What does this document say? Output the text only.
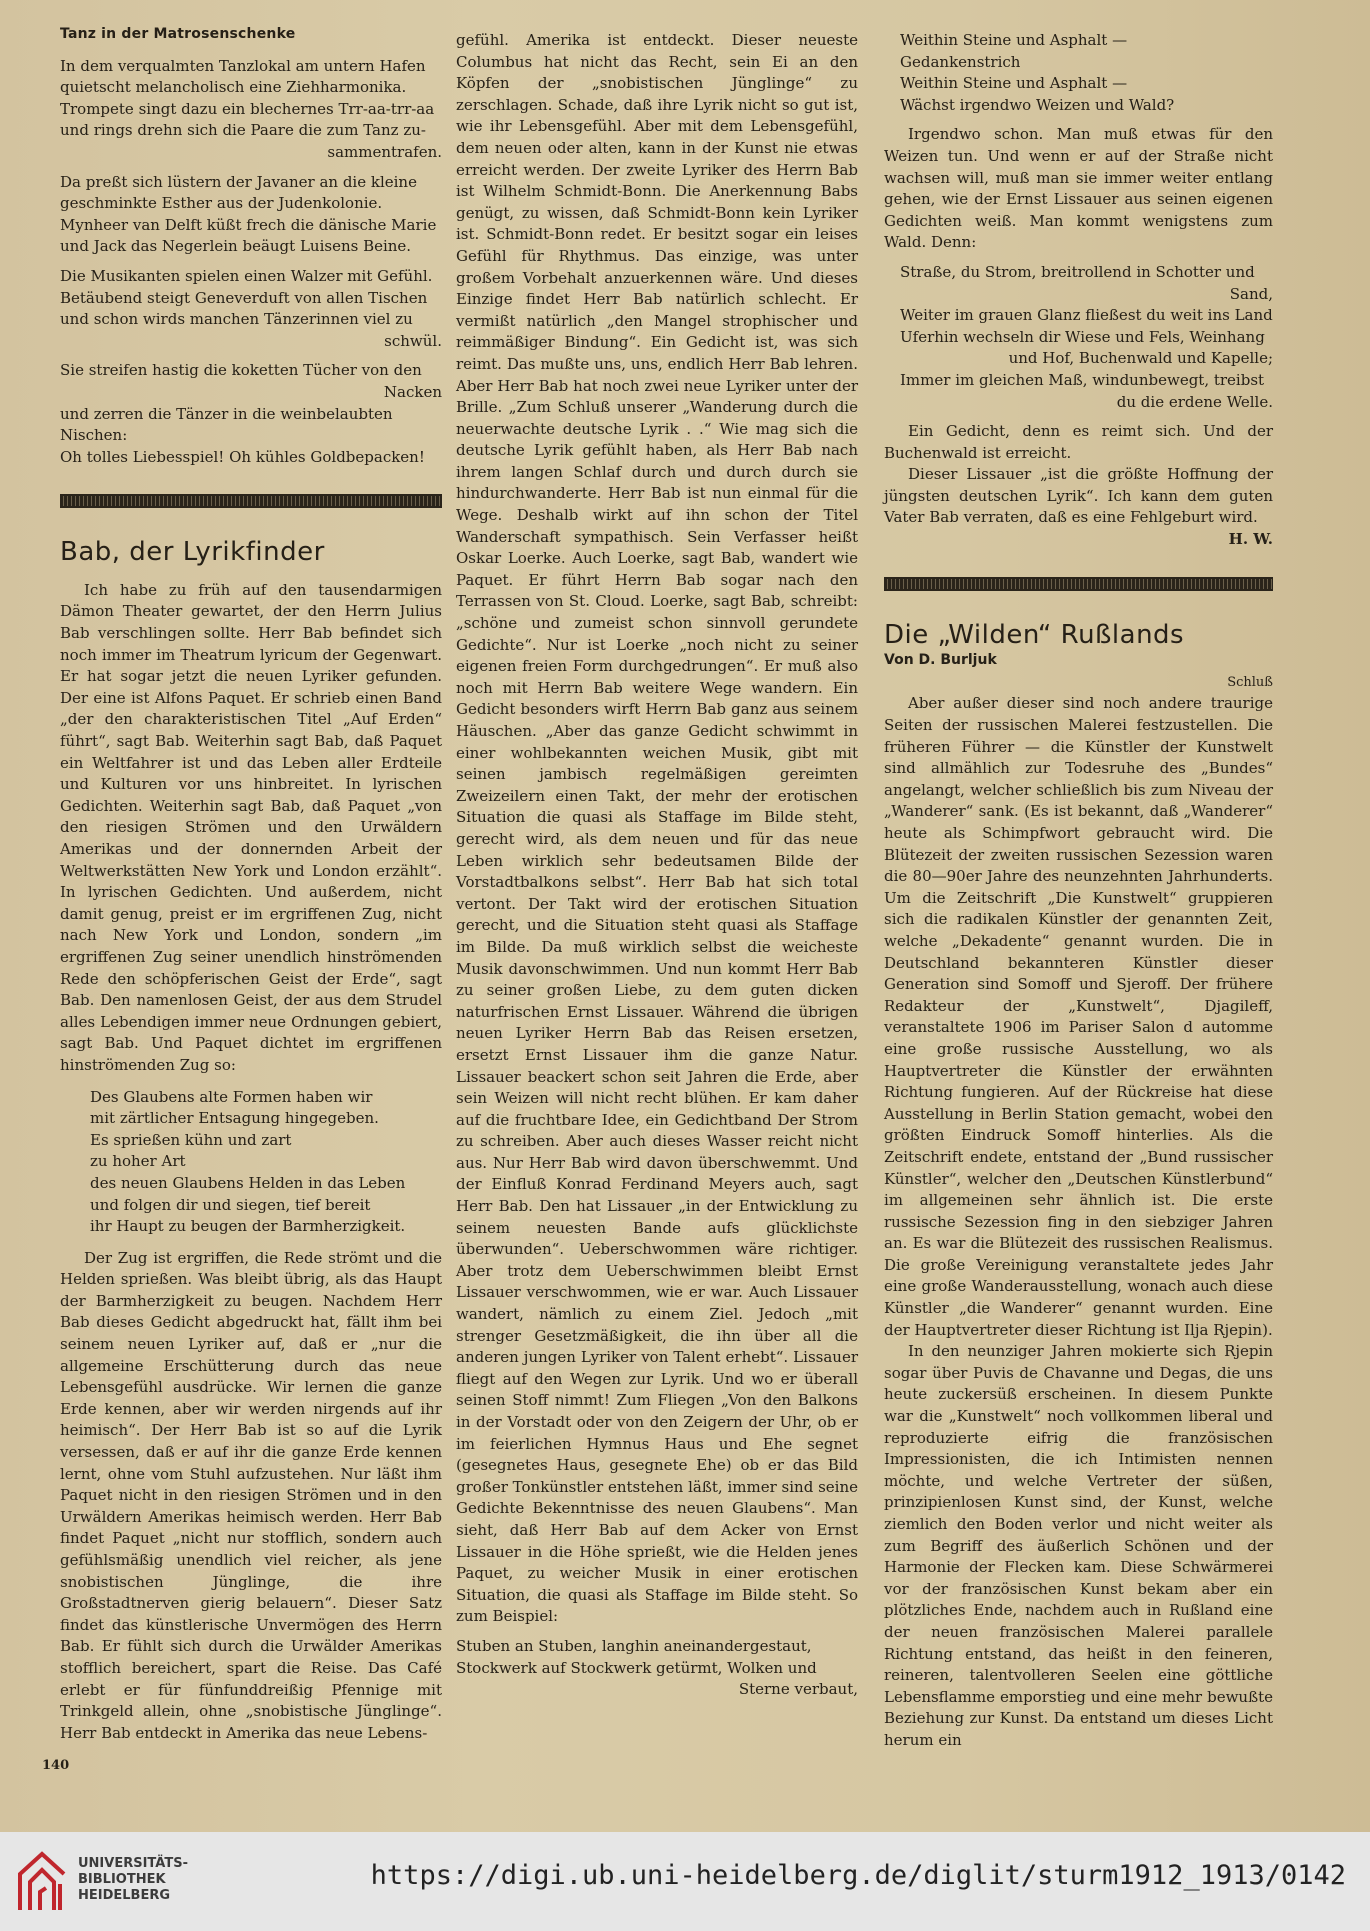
Tanz in der Matrosenschenke
In dem verqualmten Tanzlokal am untern Hafen
quietscht melancholisch eine Ziehharmonika.
Trompete singt dazu ein blechernes Trr-aa-trr-aa
und rings drehn sich die Paare die zum Tanz zu-
sammentrafen.
Da preßt sich lüstern der Javaner an die kleine
geschminkte Esther aus der Judenkolonie.
Mynheer van Delft küßt frech die dänische Marie
und Jack das Negerlein beäugt Luisens Beine.
Die Musikanten spielen einen Walzer mit Gefühl.
Betäubend steigt Geneverduft von allen Tischen
und schon wirds manchen Tänzerinnen viel zu
schwül.
Sie streifen hastig die koketten Tücher von den
Nacken
und zerren die Tänzer in die weinbelaubten Nischen:
Oh tolles Liebesspiel! Oh kühles Goldbepacken!
Bab, der Lyrikfinder

Ich habe zu früh auf den tausendarmigen Dämon Theater gewartet, der den Herrn Julius Bab verschlingen sollte. Herr Bab befindet sich noch immer im Theatrum lyricum der Gegenwart. Er hat sogar jetzt die neuen Lyriker gefunden. Der eine ist Alfons Paquet. Er schrieb einen Band „der den charakteristischen Titel „Auf Erden“ führt“, sagt Bab. Weiterhin sagt Bab, daß Paquet ein Weltfahrer ist und das Leben aller Erdteile und Kulturen vor uns hinbreitet. In lyrischen Gedichten. Weiterhin sagt Bab, daß Paquet „von den riesigen Strömen und den Urwäldern Amerikas und der donnernden Arbeit der Weltwerkstätten New York und London erzählt“. In lyrischen Gedichten. Und außerdem, nicht damit genug, preist er im ergriffenen Zug, nicht nach New York und London, sondern „im ergriffenen Zug seiner unendlich hinströmenden Rede den schöpferischen Geist der Erde“, sagt Bab. Den namenlosen Geist, der aus dem Strudel alles Lebendigen immer neue Ordnungen gebiert, sagt Bab. Und Paquet dichtet im ergriffenen hinströmenden Zug so:

Des Glaubens alte Formen haben wir
mit zärtlicher Entsagung hingegeben.
Es sprießen kühn und zart
zu hoher Art
des neuen Glaubens Helden in das Leben
und folgen dir und siegen, tief bereit
ihr Haupt zu beugen der Barmherzigkeit.

Der Zug ist ergriffen, die Rede strömt und die Helden sprießen. Was bleibt übrig, als das Haupt der Barmherzigkeit zu beugen. Nachdem Herr Bab dieses Gedicht abgedruckt hat, fällt ihm bei seinem neuen Lyriker auf, daß er „nur die allgemeine Erschütterung durch das neue Lebensgefühl ausdrücke. Wir lernen die ganze Erde kennen, aber wir werden nirgends auf ihr heimisch“. Der Herr Bab ist so auf die Lyrik versessen, daß er auf ihr die ganze Erde kennen lernt, ohne vom Stuhl aufzustehen. Nur läßt ihm Paquet nicht in den riesigen Strömen und in den Urwäldern Amerikas heimisch werden. Herr Bab findet Paquet „nicht nur stofflich, sondern auch gefühlsmäßig unendlich viel reicher, als jene snobistischen Jünglinge, die ihre Großstadtnerven gierig belauern“. Dieser Satz findet das künstlerische Unvermögen des Herrn Bab. Er fühlt sich durch die Urwälder Amerikas stofflich bereichert, spart die Reise. Das Café erlebt er für fünfunddreißig Pfennige mit Trinkgeld allein, ohne „snobistische Jünglinge“. Herr Bab entdeckt in Amerika das neue Lebens-

gefühl. Amerika ist entdeckt. Dieser neueste Columbus hat nicht das Recht, sein Ei an den Köpfen der „snobistischen Jünglinge“ zu zerschlagen. Schade, daß ihre Lyrik nicht so gut ist, wie ihr Lebensgefühl. Aber mit dem Lebensgefühl, dem neuen oder alten, kann in der Kunst nie etwas erreicht werden. Der zweite Lyriker des Herrn Bab ist Wilhelm Schmidt-Bonn. Die Anerkennung Babs genügt, zu wissen, daß Schmidt-Bonn kein Lyriker ist. Schmidt-Bonn redet. Er besitzt sogar ein leises Gefühl für Rhythmus. Das einzige, was unter großem Vorbehalt anzuerkennen wäre. Und dieses Einzige findet Herr Bab natürlich schlecht. Er vermißt natürlich „den Mangel strophischer und reimmäßiger Bindung“. Ein Gedicht ist, was sich reimt. Das mußte uns, uns, endlich Herr Bab lehren. Aber Herr Bab hat noch zwei neue Lyriker unter der Brille. „Zum Schluß unserer „Wanderung durch die neuerwachte deutsche Lyrik . .“ Wie mag sich die deutsche Lyrik gefühlt haben, als Herr Bab nach ihrem langen Schlaf durch und durch durch sie hindurchwanderte. Herr Bab ist nun einmal für die Wege. Deshalb wirkt auf ihn schon der Titel Wanderschaft sympathisch. Sein Verfasser heißt Oskar Loerke. Auch Loerke, sagt Bab, wandert wie Paquet. Er führt Herrn Bab sogar nach den Terrassen von St. Cloud. Loerke, sagt Bab, schreibt: „schöne und zumeist schon sinnvoll gerundete Gedichte“. Nur ist Loerke „noch nicht zu seiner eigenen freien Form durchgedrungen“. Er muß also noch mit Herrn Bab weitere Wege wandern. Ein Gedicht besonders wirft Herrn Bab ganz aus seinem Häuschen. „Aber das ganze Gedicht schwimmt in einer wohlbekannten weichen Musik, gibt mit seinen jambisch regelmäßigen gereimten Zweizeilern einen Takt, der mehr der erotischen Situation die quasi als Staffage im Bilde steht, gerecht wird, als dem neuen und für das neue Leben wirklich sehr bedeutsamen Bilde der Vorstadtbalkons selbst“. Herr Bab hat sich total vertont. Der Takt wird der erotischen Situation gerecht, und die Situation steht quasi als Staffage im Bilde. Da muß wirklich selbst die weicheste Musik davonschwimmen. Und nun kommt Herr Bab zu seiner großen Liebe, zu dem guten dicken naturfrischen Ernst Lissauer. Während die übrigen neuen Lyriker Herrn Bab das Reisen ersetzen, ersetzt Ernst Lissauer ihm die ganze Natur. Lissauer beackert schon seit Jahren die Erde, aber sein Weizen will nicht recht blühen. Er kam daher auf die fruchtbare Idee, ein Gedichtband Der Strom zu schreiben. Aber auch dieses Wasser reicht nicht aus. Nur Herr Bab wird davon überschwemmt. Und der Einfluß Konrad Ferdinand Meyers auch, sagt Herr Bab. Den hat Lissauer „in der Entwicklung zu seinem neuesten Bande aufs glücklichste überwunden“. Ueberschwommen wäre richtiger. Aber trotz dem Ueberschwimmen bleibt Ernst Lissauer verschwommen, wie er war. Auch Lissauer wandert, nämlich zu einem Ziel. Jedoch „mit strenger Gesetzmäßigkeit, die ihn über all die anderen jungen Lyriker von Talent erhebt“. Lissauer fliegt auf den Wegen zur Lyrik. Und wo er überall seinen Stoff nimmt! Zum Fliegen „Von den Balkons in der Vorstadt oder von den Zeigern der Uhr, ob er im feierlichen Hymnus Haus und Ehe segnet (gesegnetes Haus, gesegnete Ehe) ob er das Bild großer Tonkünstler entstehen läßt, immer sind seine Gedichte Bekenntnisse des neuen Glaubens“. Man sieht, daß Herr Bab auf dem Acker von Ernst Lissauer in die Höhe sprießt, wie die Helden jenes Paquet, zu weicher Musik in einer erotischen Situation, die quasi als Staffage im Bilde steht. So zum Beispiel:

Stuben an Stuben, langhin aneinandergestaut,
Stockwerk auf Stockwerk getürmt, Wolken und
Sterne verbaut,
Weithin Steine und Asphalt —
Gedankenstrich
Weithin Steine und Asphalt —
Wächst irgendwo Weizen und Wald?

Irgendwo schon. Man muß etwas für den Weizen tun. Und wenn er auf der Straße nicht wachsen will, muß man sie immer weiter entlang gehen, wie der Ernst Lissauer aus seinen eigenen Gedichten weiß. Man kommt wenigstens zum Wald. Denn:

Straße, du Strom, breitrollend in Schotter und
Sand,
Weiter im grauen Glanz fließest du weit ins Land
Uferhin wechseln dir Wiese und Fels, Weinhang
und Hof, Buchenwald und Kapelle;
Immer im gleichen Maß, windunbewegt, treibst
du die erdene Welle.

Ein Gedicht, denn es reimt sich. Und der Buchenwald ist erreicht.

Dieser Lissauer „ist die größte Hoffnung der jüngsten deutschen Lyrik“. Ich kann dem guten Vater Bab verraten, daß es eine Fehlgeburt wird.

H. W.
Die „Wilden“ Rußlands
Von D. Burljuk
Schluß

Aber außer dieser sind noch andere traurige Seiten der russischen Malerei festzustellen. Die früheren Führer — die Künstler der Kunstwelt sind allmählich zur Todesruhe des „Bundes“ angelangt, welcher schließlich bis zum Niveau der „Wanderer“ sank. (Es ist bekannt, daß „Wanderer“ heute als Schimpfwort gebraucht wird. Die Blütezeit der zweiten russischen Sezession waren die 80—90er Jahre des neunzehnten Jahrhunderts. Um die Zeitschrift „Die Kunstwelt“ gruppieren sich die radikalen Künstler der genannten Zeit, welche „Dekadente“ genannt wurden. Die in Deutschland bekannteren Künstler dieser Generation sind Somoff und Sjeroff. Der frühere Redakteur der „Kunstwelt“, Djagileff, veranstaltete 1906 im Pariser Salon d automme eine große russische Ausstellung, wo als Hauptvertreter die Künstler der erwähnten Richtung fungieren. Auf der Rückreise hat diese Ausstellung in Berlin Station gemacht, wobei den größten Eindruck Somoff hinterlies. Als die Zeitschrift endete, entstand der „Bund russischer Künstler“, welcher den „Deutschen Künstlerbund“ im allgemeinen sehr ähnlich ist. Die erste russische Sezession fing in den siebziger Jahren an. Es war die Blütezeit des russischen Realismus. Die große Vereinigung veranstaltete jedes Jahr eine große Wanderausstellung, wonach auch diese Künstler „die Wanderer“ genannt wurden. Eine der Hauptvertreter dieser Richtung ist Ilja Rjepin).

In den neunziger Jahren mokierte sich Rjepin sogar über Puvis de Chavanne und Degas, die uns heute zuckersüß erscheinen. In diesem Punkte war die „Kunstwelt“ noch vollkommen liberal und reproduzierte eifrig die französischen Impressionisten, die ich Intimisten nennen möchte, und welche Vertreter der süßen, prinzipienlosen Kunst sind, der Kunst, welche ziemlich den Boden verlor und nicht weiter als zum Begriff des äußerlich Schönen und der Harmonie der Flecken kam. Diese Schwärmerei vor der französischen Kunst bekam aber ein plötzliches Ende, nachdem auch in Rußland eine der neuen französischen Malerei parallele Richtung entstand, das heißt in den feineren, reineren, talentvolleren Seelen eine göttliche Lebensflamme emporstieg und eine mehr bewußte Beziehung zur Kunst. Da entstand um dieses Licht herum ein

140
UNIVERSITÄTS-
BIBLIOTHEK
HEIDELBERG
https://digi.ub.uni-heidelberg.de/diglit/sturm1912_1913/0142
